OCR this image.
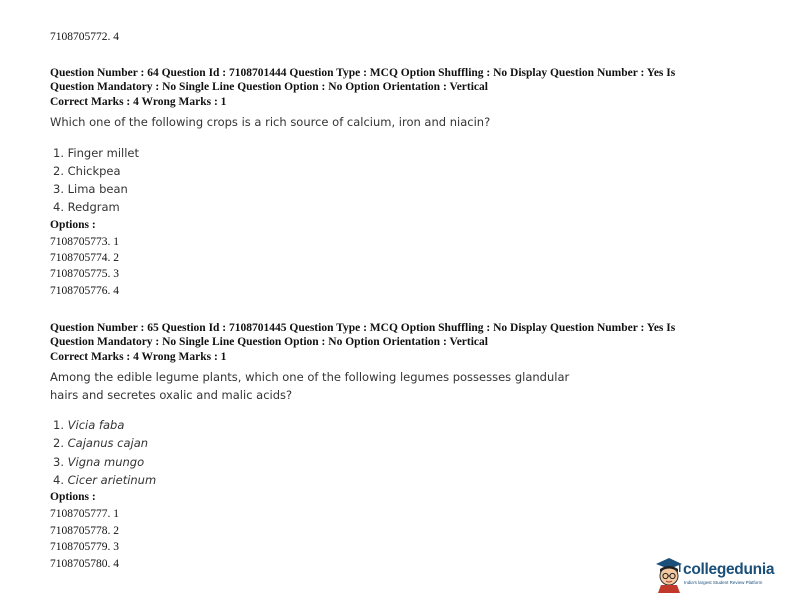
7108705772. 4
Question Number : 64 Question Id : 7108701444 Question Type : MCQ Option Shuffling : No Display Question Number : Yes Is
Question Mandatory : No Single Line Question Option : No Option Orientation : Vertical
Correct Marks : 4 Wrong Marks : 1
Which one of the following crops is a rich source of calcium, iron and niacin?
1. Finger millet
2. Chickpea
3. Lima bean
4. Redgram
Options :
7108705773. 1
7108705774. 2
7108705775. 3
7108705776. 4
Question Number : 65 Question Id : 7108701445 Question Type : MCQ Option Shuffling : No Display Question Number : Yes Is
Question Mandatory : No Single Line Question Option : No Option Orientation : Vertical
Correct Marks : 4 Wrong Marks : 1
Among the edible legume plants, which one of the following legumes possesses glandular
hairs and secretes oxalic and malic acids?
1. Vicia faba
2. Cajanus cajan
3. Vigna mungo
4. Cicer arietinum
Options :
7108705777. 1
7108705778. 2
7108705779. 3
7108705780. 4	collegedunia
India's largest Student Review Platform
